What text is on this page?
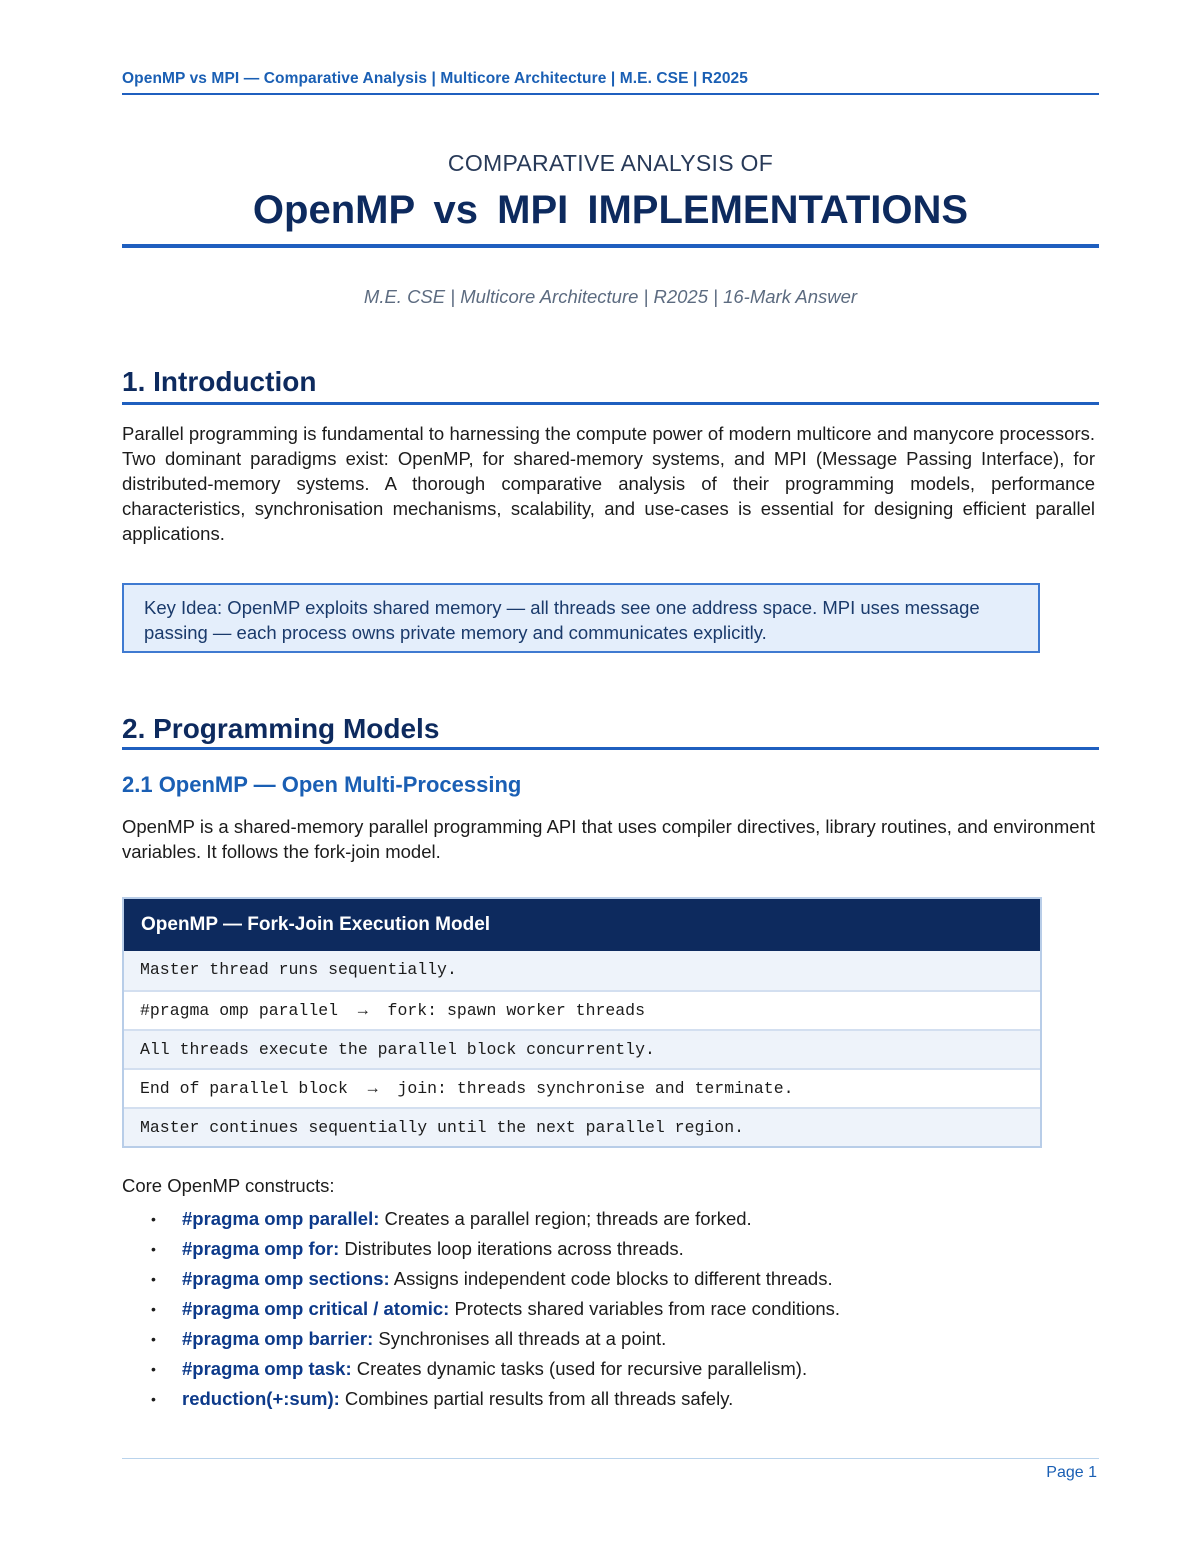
OpenMP vs MPI — Comparative Analysis | Multicore Architecture | M.E. CSE | R2025
COMPARATIVE ANALYSIS OF
OpenMP vs MPI IMPLEMENTATIONS
M.E. CSE | Multicore Architecture | R2025 | 16-Mark Answer
1. Introduction
Parallel programming is fundamental to harnessing the compute power of modern multicore and manycore processors. Two dominant paradigms exist: OpenMP, for shared-memory systems, and MPI (Message Passing Interface), for distributed-memory systems. A thorough comparative analysis of their programming models, performance characteristics, synchronisation mechanisms, scalability, and use-cases is essential for designing efficient parallel applications.
Key Idea: OpenMP exploits shared memory — all threads see one address space. MPI uses message passing — each process owns private memory and communicates explicitly.
2. Programming Models
2.1 OpenMP — Open Multi-Processing
OpenMP is a shared-memory parallel programming API that uses compiler directives, library routines, and environment variables. It follows the fork-join model.
OpenMP — Fork-Join Execution Model
Master thread runs sequentially.
#pragma omp parallel  →  fork: spawn worker threads
All threads execute the parallel block concurrently.
End of parallel block  →  join: threads synchronise and terminate.
Master continues sequentially until the next parallel region.
Core OpenMP constructs:
• #pragma omp parallel: Creates a parallel region; threads are forked.
• #pragma omp for: Distributes loop iterations across threads.
• #pragma omp sections: Assigns independent code blocks to different threads.
• #pragma omp critical / atomic: Protects shared variables from race conditions.
• #pragma omp barrier: Synchronises all threads at a point.
• #pragma omp task: Creates dynamic tasks (used for recursive parallelism).
• reduction(+:sum): Combines partial results from all threads safely.
Page 1
